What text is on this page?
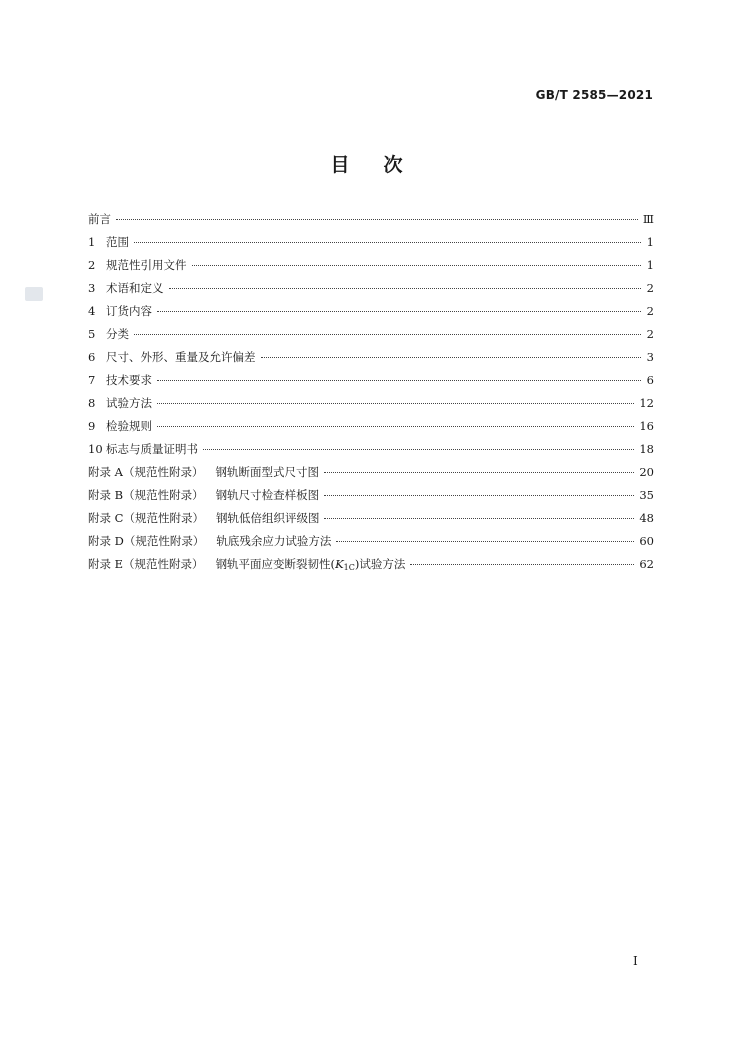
GB/T 2585—2021
目次
前言	Ⅲ
1 范围	1
2 规范性引用文件	1
3 术语和定义	2
4 订货内容	2
5 分类	2
6 尺寸、外形、重量及允许偏差	3
7 技术要求	6
8 试验方法	12
9 检验规则	16
10 标志与质量证明书	18
附录 A（规范性附录） 钢轨断面型式尺寸图	20
附录 B（规范性附录） 钢轨尺寸检查样板图	35
附录 C（规范性附录） 钢轨低倍组织评级图	48
附录 D（规范性附录） 轨底残余应力试验方法	60
附录 E（规范性附录） 钢轨平面应变断裂韧性$(K_{1C})$试验方法	62
I
